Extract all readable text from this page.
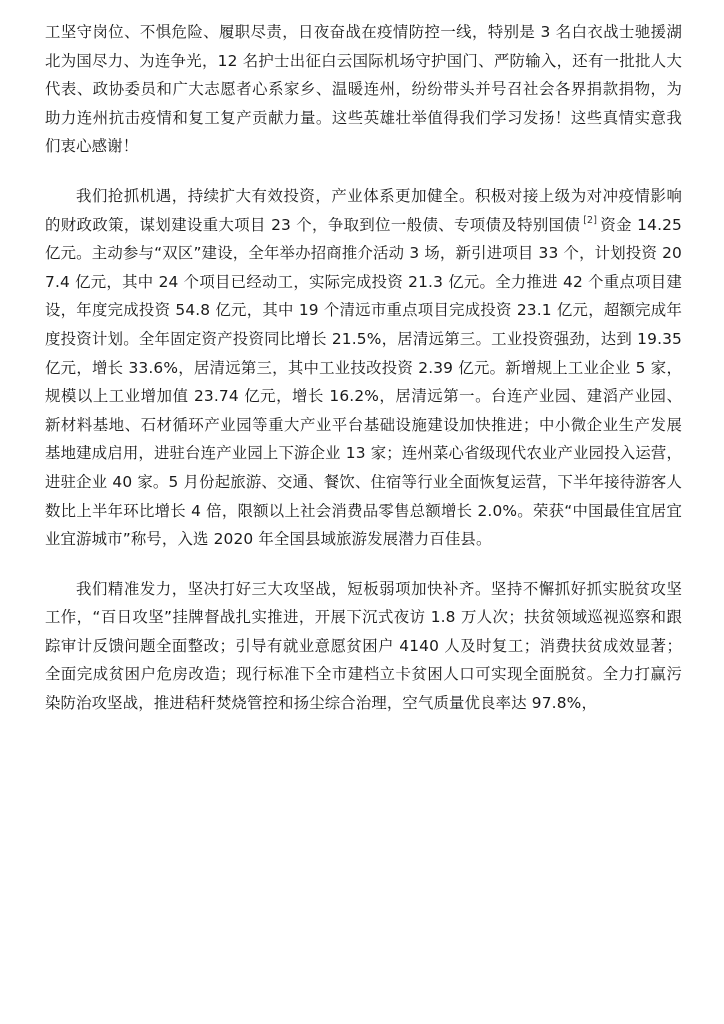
工坚守岗位、不惧危险、履职尽责，日夜奋战在疫情防控一线，特别是 3 名白衣战士驰援湖北为国尽力、为连争光，12 名护士出征白云国际机场守护国门、严防输入，还有一批批人大代表、政协委员和广大志愿者心系家乡、温暖连州，纷纷带头并号召社会各界捐款捐物，为助力连州抗击疫情和复工复产贡献力量。这些英雄壮举值得我们学习发扬！这些真情实意我们衷心感谢！

我们抢抓机遇，持续扩大有效投资，产业体系更加健全。积极对接上级为对冲疫情影响的财政政策，谋划建设重大项目 23 个，争取到位一般债、专项债及特别国债 [2] 资金 14.25 亿元。主动参与“双区”建设，全年举办招商推介活动 3 场，新引进项目 33 个，计划投资 207.4 亿元，其中 24 个项目已经动工，实际完成投资 21.3 亿元。全力推进 42 个重点项目建设，年度完成投资 54.8 亿元，其中 19 个清远市重点项目完成投资 23.1 亿元，超额完成年度投资计划。全年固定资产投资同比增长 21.5%，居清远第三。工业投资强劲，达到 19.35 亿元，增长 33.6%，居清远第三，其中工业技改投资 2.39 亿元。新增规上工业企业 5 家，规模以上工业增加值 23.74 亿元，增长 16.2%，居清远第一。台连产业园、建滔产业园、新材料基地、石材循环产业园等重大产业平台基础设施建设加快推进；中小微企业生产发展基地建成启用，进驻台连产业园上下游企业 13 家；连州菜心省级现代农业产业园投入运营，进驻企业 40 家。5 月份起旅游、交通、餐饮、住宿等行业全面恢复运营，下半年接待游客人数比上半年环比增长 4 倍，限额以上社会消费品零售总额增长 2.0%。荣获“中国最佳宜居宜业宜游城市”称号，入选 2020 年全国县域旅游发展潜力百佳县。

我们精准发力，坚决打好三大攻坚战，短板弱项加快补齐。坚持不懈抓好抓实脱贫攻坚工作，“百日攻坚”挂牌督战扎实推进，开展下沉式夜访 1.8 万人次；扶贫领域巡视巡察和跟踪审计反馈问题全面整改；引导有就业意愿贫困户 4140 人及时复工；消费扶贫成效显著；全面完成贫困户危房改造；现行标准下全市建档立卡贫困人口可实现全面脱贫。全力打赢污染防治攻坚战，推进秸秆焚烧管控和扬尘综合治理，空气质量优良率达 97.8%，
